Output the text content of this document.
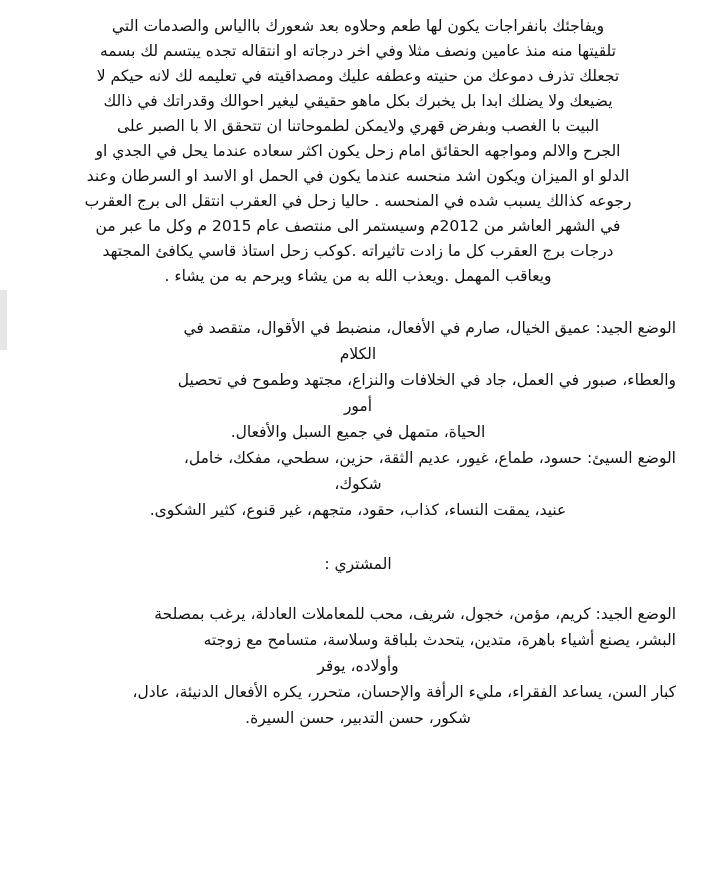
ويفاجئك بانفراجات يكون لها طعم وحلاوه بعد شعورك باالياس والصدمات التي
تلقيتها منه منذ عامين ونصف مثلا وفي اخر درجاته او انتقاله تجده يبتسم لك بسمه
تجعلك تذرف دموعك من حنيته وعطفه عليك ومصداقيته في تعليمه لك لانه حيكم لا
يضيعك ولا يضلك ابدا بل يخبرك بكل ماهو حقيقي ليغير احوالك وقدراتك في ذالك
البيت با الغصب وبفرض قهري ولايمكن لطموحاتنا ان تتحقق الا با الصبر على
الجرح والالم ومواجهه الحقائق امام زحل يكون اكثر سعاده عندما يحل في الجدي او
الدلو او الميزان ويكون اشد منحسه عندما يكون في الحمل او الاسد او السرطان وعند
رجوعه كذالك يسبب شده في المنحسه . حاليا زحل في العقرب انتقل الى برج العقرب
في الشهر العاشر من 2012م وسيستمر الى منتصف عام 2015 م وكل ما عبر من
درجات برج العقرب كل ما زادت تاثيراته .كوكب زحل استاذ قاسي يكافئ المجتهد
ويعاقب المهمل .ويعذب الله به من يشاء ويرحم به من يشاء .
الوضع الجيد: عميق الخيال، صارم في الأفعال، منضبط في الأقوال، متقصد في
الكلام
والعطاء، صبور في العمل، جاد في الخلافات والنزاع، مجتهد وطموح في تحصيل
أمور
الحياة، متمهل في جميع السبل والأفعال.
الوضع السيئ: حسود، طماع، غيور، عديم الثقة، حزين، سطحي، مفكك، خامل،
شكوك،
عنيد، يمقت النساء، كذاب، حقود، متجهم، غير قنوع، كثير الشكوى.
المشتري :
الوضع الجيد: كريم، مؤمن، خجول، شريف، محب للمعاملات العادلة، يرغب بمصلحة
البشر، يصنع أشياء باهرة، متدين، يتحدث بلباقة وسلاسة، متسامح مع زوجته
وأولاده، يوقر
كبار السن، يساعد الفقراء، مليء الرأفة والإحسان، متحرر، يكره الأفعال الدنيئة، عادل،
شكور، حسن التدبير، حسن السيرة.
